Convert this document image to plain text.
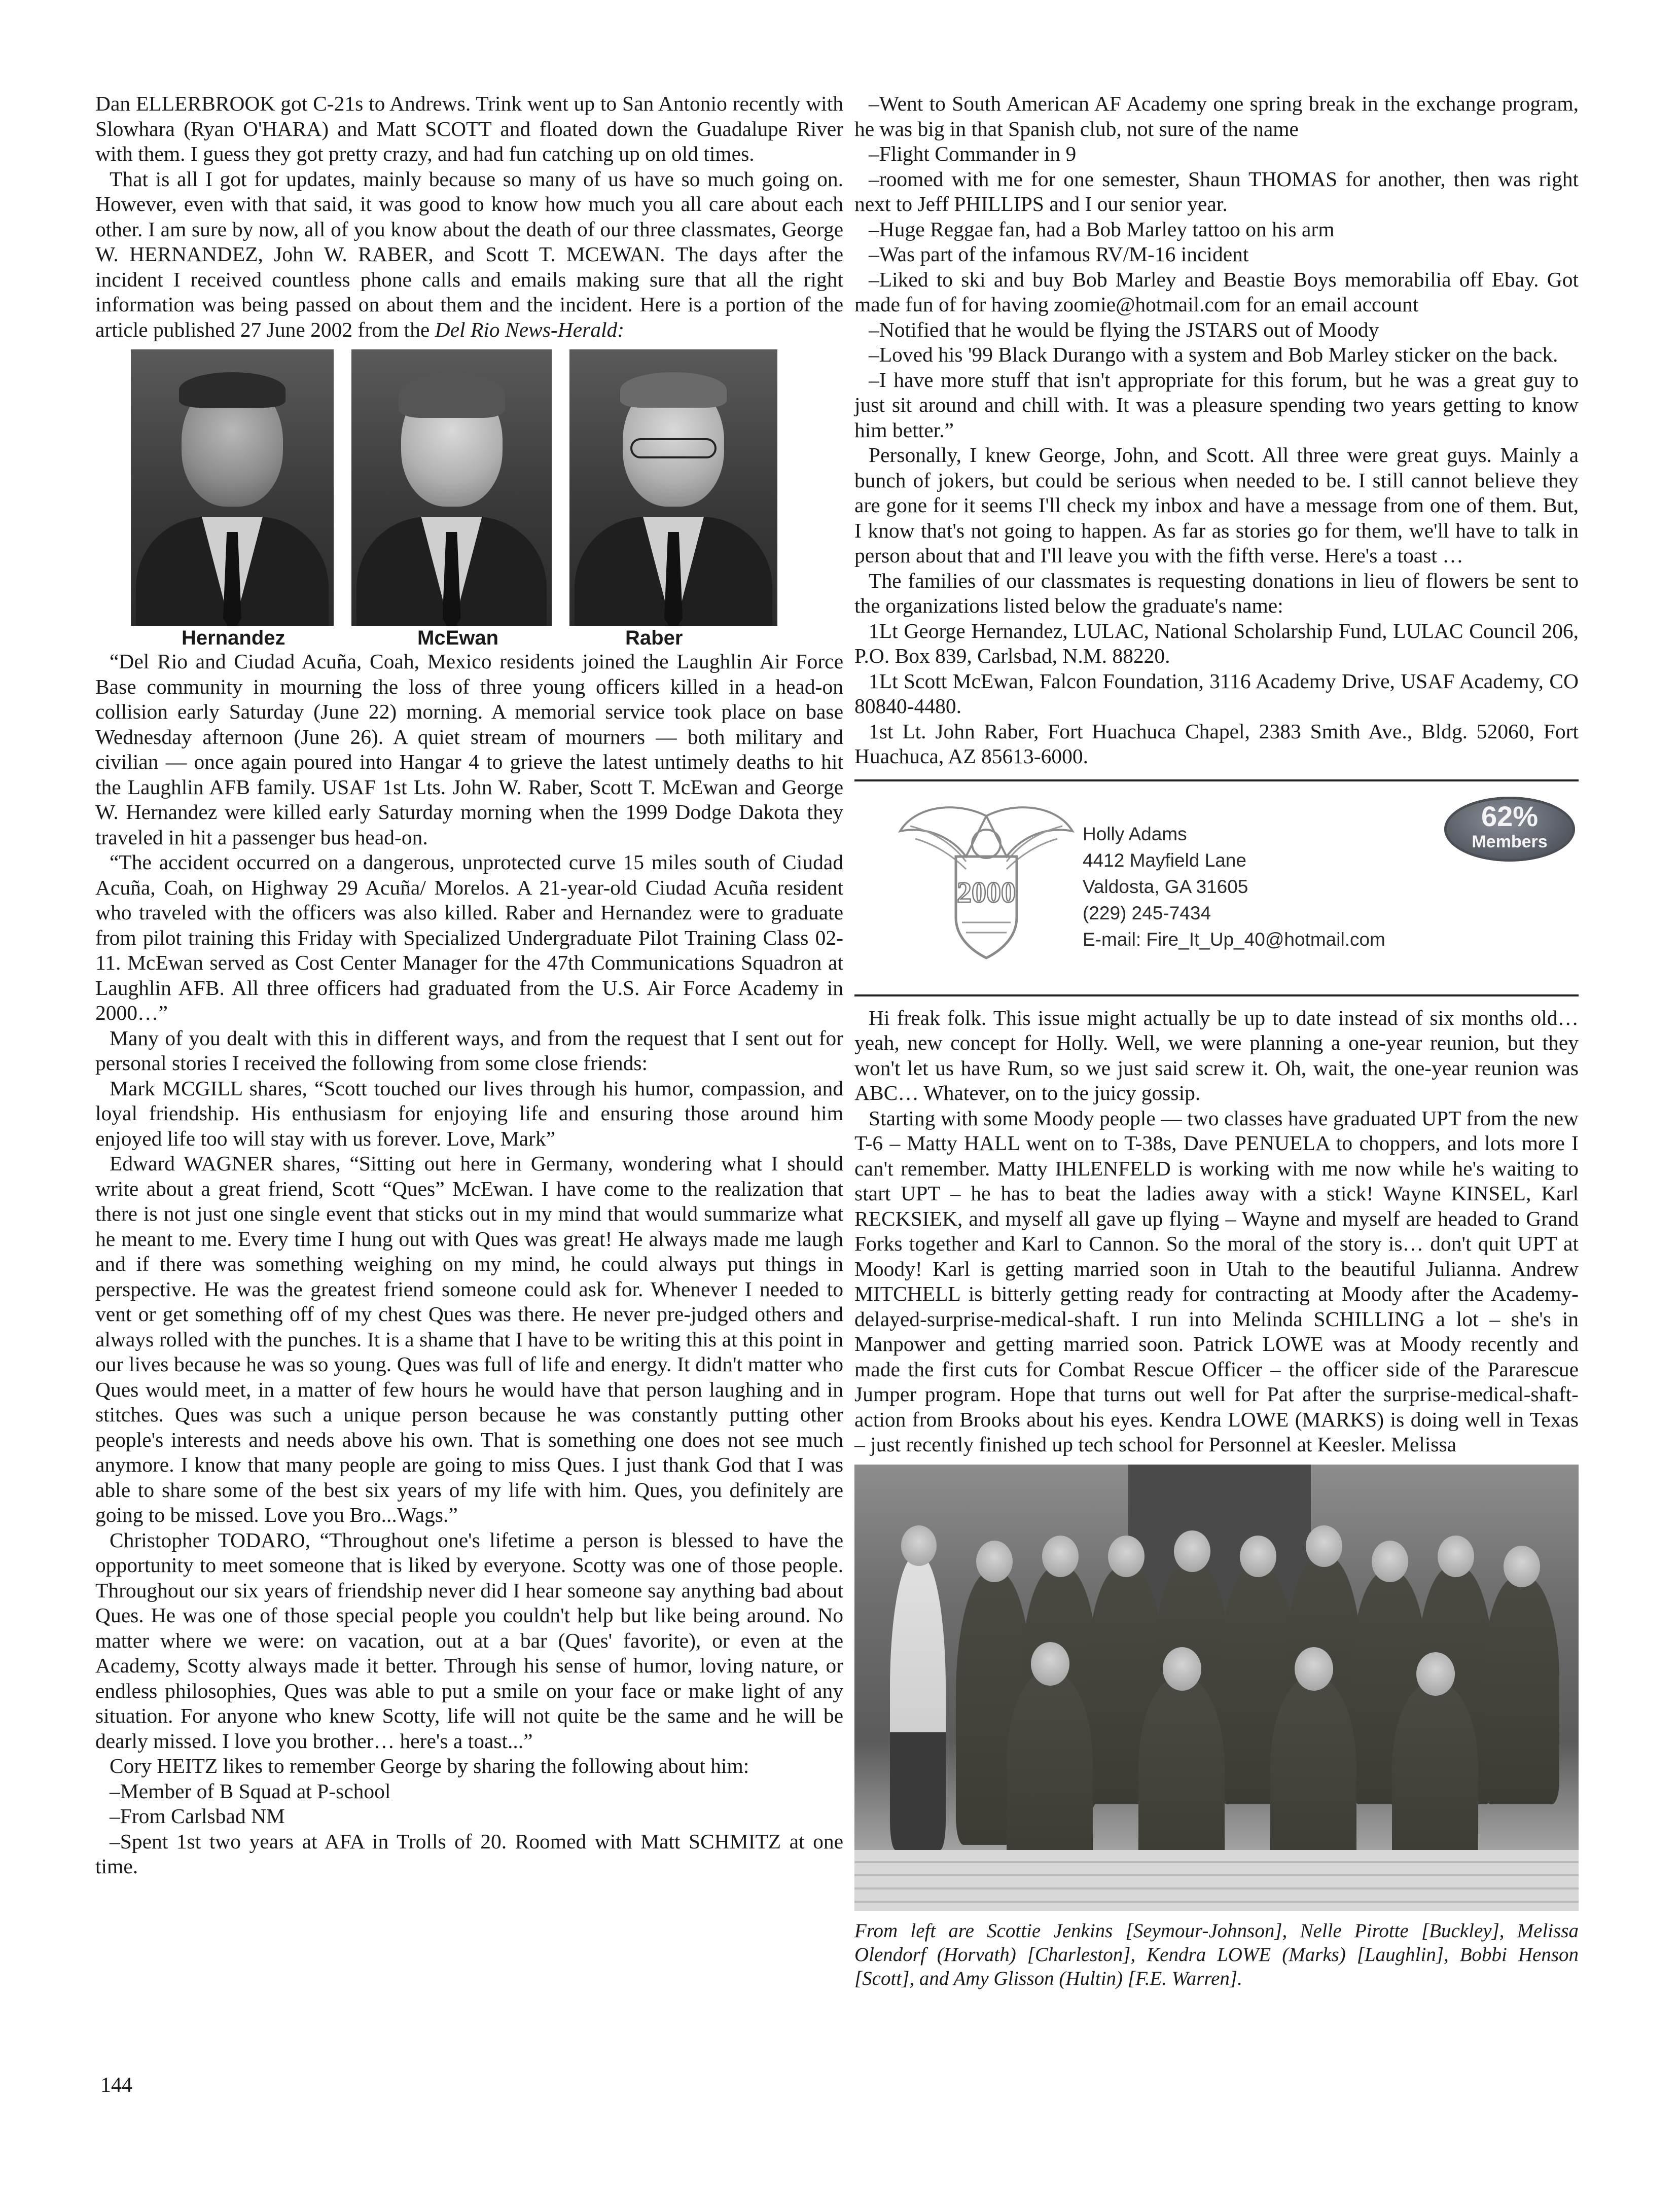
Dan ELLERBROOK got C-21s to Andrews. Trink went up to San Antonio recently with Slowhara (Ryan O'HARA) and Matt SCOTT and floated down the Guadalupe River with them. I guess they got pretty crazy, and had fun catching up on old times.

That is all I got for updates, mainly because so many of us have so much going on. However, even with that said, it was good to know how much you all care about each other. I am sure by now, all of you know about the death of our three classmates, George W. HERNANDEZ, John W. RABER, and Scott T. MCEWAN. The days after the incident I received countless phone calls and emails making sure that all the right information was being passed on about them and the incident. Here is a portion of the article published 27 June 2002 from the Del Rio News-Herald:

Hernandez	McEwan	Raber

“Del Rio and Ciudad Acuña, Coah, Mexico residents joined the Laughlin Air Force Base community in mourning the loss of three young officers killed in a head-on collision early Saturday (June 22) morning. A memorial service took place on base Wednesday afternoon (June 26). A quiet stream of mourners — both military and civilian — once again poured into Hangar 4 to grieve the latest untimely deaths to hit the Laughlin AFB family. USAF 1st Lts. John W. Raber, Scott T. McEwan and George W. Hernandez were killed early Saturday morning when the 1999 Dodge Dakota they traveled in hit a passenger bus head-on.

“The accident occurred on a dangerous, unprotected curve 15 miles south of Ciudad Acuña, Coah, on Highway 29 Acuña/ Morelos. A 21-year-old Ciudad Acuña resident who traveled with the officers was also killed. Raber and Hernandez were to graduate from pilot training this Friday with Specialized Undergraduate Pilot Training Class 02-11. McEwan served as Cost Center Manager for the 47th Communications Squadron at Laughlin AFB. All three officers had graduated from the U.S. Air Force Academy in 2000…”

Many of you dealt with this in different ways, and from the request that I sent out for personal stories I received the following from some close friends:

Mark MCGILL shares, “Scott touched our lives through his humor, compassion, and loyal friendship. His enthusiasm for enjoying life and ensuring those around him enjoyed life too will stay with us forever. Love, Mark”

Edward WAGNER shares, “Sitting out here in Germany, wondering what I should write about a great friend, Scott “Ques” McEwan. I have come to the realization that there is not just one single event that sticks out in my mind that would summarize what he meant to me. Every time I hung out with Ques was great! He always made me laugh and if there was something weighing on my mind, he could always put things in perspective. He was the greatest friend someone could ask for. Whenever I needed to vent or get something off of my chest Ques was there. He never pre-judged others and always rolled with the punches. It is a shame that I have to be writing this at this point in our lives because he was so young. Ques was full of life and energy. It didn't matter who Ques would meet, in a matter of few hours he would have that person laughing and in stitches. Ques was such a unique person because he was constantly putting other people's interests and needs above his own. That is something one does not see much anymore. I know that many people are going to miss Ques. I just thank God that I was able to share some of the best six years of my life with him. Ques, you definitely are going to be missed. Love you Bro...Wags.”

Christopher TODARO, “Throughout one's lifetime a person is blessed to have the opportunity to meet someone that is liked by everyone. Scotty was one of those people. Throughout our six years of friendship never did I hear someone say anything bad about Ques. He was one of those special people you couldn't help but like being around. No matter where we were: on vacation, out at a bar (Ques' favorite), or even at the Academy, Scotty always made it better. Through his sense of humor, loving nature, or endless philosophies, Ques was able to put a smile on your face or make light of any situation. For anyone who knew Scotty, life will not quite be the same and he will be dearly missed. I love you brother… here's a toast...”

Cory HEITZ likes to remember George by sharing the following about him:

–Member of B Squad at P-school

–From Carlsbad NM

–Spent 1st two years at AFA in Trolls of 20. Roomed with Matt SCHMITZ at one time.

–Went to South American AF Academy one spring break in the exchange program, he was big in that Spanish club, not sure of the name

–Flight Commander in 9

–roomed with me for one semester, Shaun THOMAS for another, then was right next to Jeff PHILLIPS and I our senior year.

–Huge Reggae fan, had a Bob Marley tattoo on his arm

–Was part of the infamous RV/M-16 incident

–Liked to ski and buy Bob Marley and Beastie Boys memorabilia off Ebay. Got made fun of for having zoomie@hotmail.com for an email account

–Notified that he would be flying the JSTARS out of Moody

–Loved his '99 Black Durango with a system and Bob Marley sticker on the back.

–I have more stuff that isn't appropriate for this forum, but he was a great guy to just sit around and chill with. It was a pleasure spending two years getting to know him better.”

Personally, I knew George, John, and Scott. All three were great guys. Mainly a bunch of jokers, but could be serious when needed to be. I still cannot believe they are gone for it seems I'll check my inbox and have a message from one of them. But, I know that's not going to happen. As far as stories go for them, we'll have to talk in person about that and I'll leave you with the fifth verse. Here's a toast …

The families of our classmates is requesting donations in lieu of flowers be sent to the organizations listed below the graduate's name:

1Lt George Hernandez, LULAC, National Scholarship Fund, LULAC Council 206, P.O. Box 839, Carlsbad, N.M. 88220.

1Lt Scott McEwan, Falcon Foundation, 3116 Academy Drive, USAF Academy, CO 80840-4480.

1st Lt. John Raber, Fort Huachuca Chapel, 2383 Smith Ave., Bldg. 52060, Fort Huachuca, AZ 85613-6000.

2000
Holly Adams
4412 Mayfield Lane
Valdosta, GA 31605
(229) 245-7434
E-mail: Fire_It_Up_40@hotmail.com
62%
Members

Hi freak folk. This issue might actually be up to date instead of six months old… yeah, new concept for Holly. Well, we were planning a one-year reunion, but they won't let us have Rum, so we just said screw it. Oh, wait, the one-year reunion was ABC… Whatever, on to the juicy gossip.

Starting with some Moody people — two classes have graduated UPT from the new T-6 – Matty HALL went on to T-38s, Dave PENUELA to choppers, and lots more I can't remember. Matty IHLENFELD is working with me now while he's waiting to start UPT – he has to beat the ladies away with a stick! Wayne KINSEL, Karl RECKSIEK, and myself all gave up flying – Wayne and myself are headed to Grand Forks together and Karl to Cannon. So the moral of the story is… don't quit UPT at Moody! Karl is getting married soon in Utah to the beautiful Julianna. Andrew MITCHELL is bitterly getting ready for contracting at Moody after the Academy-delayed-surprise-medical-shaft. I run into Melinda SCHILLING a lot – she's in Manpower and getting married soon. Patrick LOWE was at Moody recently and made the first cuts for Combat Rescue Officer – the officer side of the Pararescue Jumper program. Hope that turns out well for Pat after the surprise-medical-shaft-action from Brooks about his eyes. Kendra LOWE (MARKS) is doing well in Texas – just recently finished up tech school for Personnel at Keesler. Melissa

From left are Scottie Jenkins [Seymour-Johnson], Nelle Pirotte [Buckley], Melissa Olendorf (Horvath) [Charleston], Kendra LOWE (Marks) [Laughlin], Bobbi Henson [Scott], and Amy Glisson (Hultin) [F.E. Warren].

144
